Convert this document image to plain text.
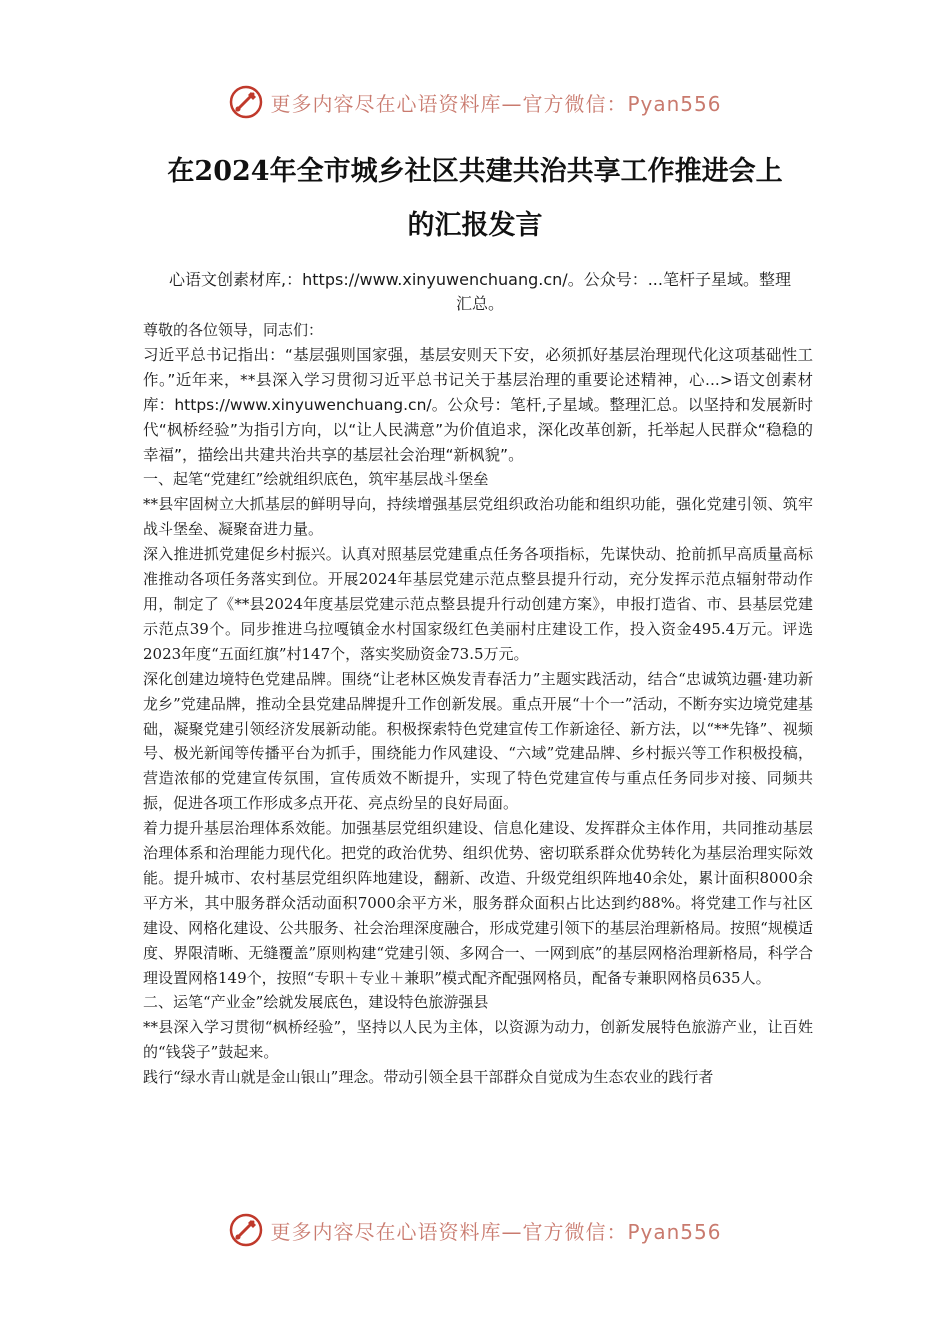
更多内容尽在心语资料库—官方微信：Pyan556
在2024年全市城乡社区共建共治共享工作推进会上
的汇报发言
心语文创素材库,：https://www.xinyuwenchuang.cn/。公众号：...笔杆子星域。整理
汇总。

尊敬的各位领导，同志们：

习近平总书记指出：“基层强则国家强，基层安则天下安，必须抓好基层治理现代化这项基础性工作。”近年来，**县深入学习贯彻习近平总书记关于基层治理的重要论述精神，心...>语文创素材库：https://www.xinyuwenchuang.cn/。公众号：笔杆,子星域。整理汇总。以坚持和发展新时代“枫桥经验”为指引方向，以“让人民满意”为价值追求，深化改革创新，托举起人民群众“稳稳的幸福”，描绘出共建共治共享的基层社会治理“新枫貌”。

一、起笔“党建红”绘就组织底色，筑牢基层战斗堡垒

**县牢固树立大抓基层的鲜明导向，持续增强基层党组织政治功能和组织功能，强化党建引领、筑牢战斗堡垒、凝聚奋进力量。

深入推进抓党建促乡村振兴。认真对照基层党建重点任务各项指标，先谋快动、抢前抓早高质量高标准推动各项任务落实到位。开展2024年基层党建示范点整县提升行动，充分发挥示范点辐射带动作用，制定了《**县2024年度基层党建示范点整县提升行动创建方案》，申报打造省、市、县基层党建示范点39个。同步推进乌拉嘎镇金水村国家级红色美丽村庄建设工作，投入资金495.4万元。评选2023年度“五面红旗”村147个，落实奖励资金73.5万元。

深化创建边境特色党建品牌。围绕“让老林区焕发青春活力”主题实践活动，结合“忠诚筑边疆·建功新龙乡”党建品牌，推动全县党建品牌提升工作创新发展。重点开展“十个一”活动，不断夯实边境党建基础，凝聚党建引领经济发展新动能。积极探索特色党建宣传工作新途径、新方法，以“**先锋”、视频号、极光新闻等传播平台为抓手，围绕能力作风建设、“六域”党建品牌、乡村振兴等工作积极投稿，营造浓郁的党建宣传氛围，宣传质效不断提升，实现了特色党建宣传与重点任务同步对接、同频共振，促进各项工作形成多点开花、亮点纷呈的良好局面。

着力提升基层治理体系效能。加强基层党组织建设、信息化建设、发挥群众主体作用，共同推动基层治理体系和治理能力现代化。把党的政治优势、组织优势、密切联系群众优势转化为基层治理实际效能。提升城市、农村基层党组织阵地建设，翻新、改造、升级党组织阵地40余处，累计面积8000余平方米，其中服务群众活动面积7000余平方米，服务群众面积占比达到约88%。将党建工作与社区建设、网格化建设、公共服务、社会治理深度融合，形成党建引领下的基层治理新格局。按照“规模适度、界限清晰、无缝覆盖”原则构建“党建引领、多网合一、一网到底”的基层网格治理新格局，科学合理设置网格149个，按照“专职＋专业＋兼职”模式配齐配强网格员，配备专兼职网格员635人。

二、运笔“产业金”绘就发展底色，建设特色旅游强县

**县深入学习贯彻“枫桥经验”，坚持以人民为主体，以资源为动力，创新发展特色旅游产业，让百姓的“钱袋子”鼓起来。

践行“绿水青山就是金山银山”理念。带动引领全县干部群众自觉成为生态农业的践行者

更多内容尽在心语资料库—官方微信：Pyan556
